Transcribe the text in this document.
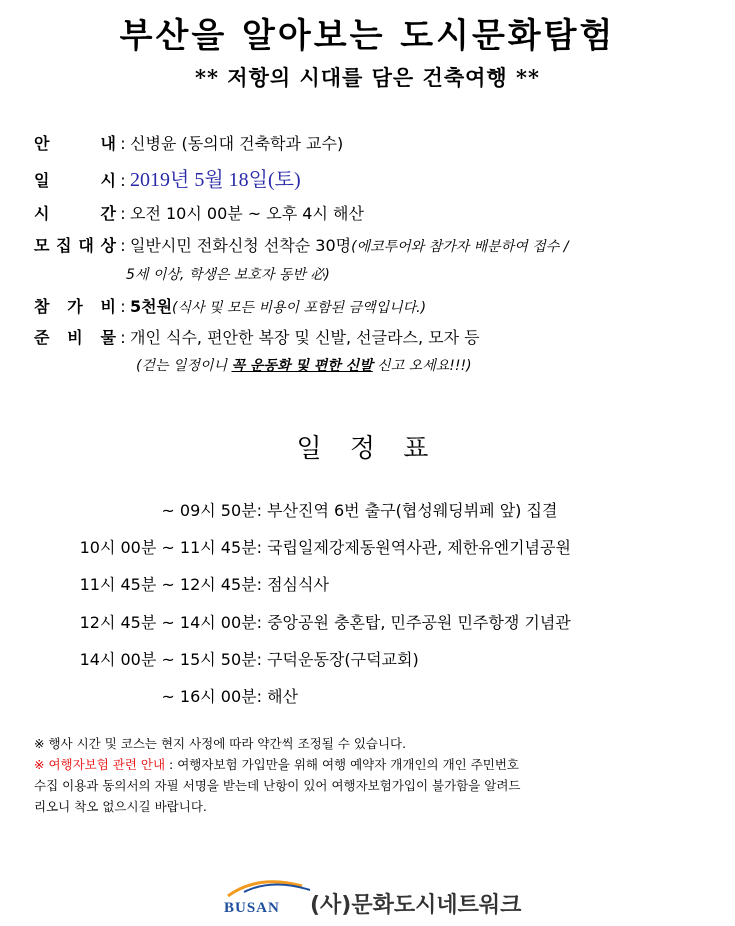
부산을 알아보는 도시문화탐험
** 저항의 시대를 담은 건축여행 **
안	내 : 신병윤 (동의대 건축학과 교수)
일	시 : 2019년 5월 18일(토)
시	간 : 오전 10시 00분 ~ 오후 4시 해산
모 집 대 상 : 일반시민 전화신청 선착순 30명 (에코투어와 참가자 배분하여 접수 /
5세 이상, 학생은 보호자 동반 必)
참 가 비 : 5천원 (식사 및 모든 비용이 포함된 금액입니다.)
준 비 물 : 개인 식수, 편안한 복장 및 신발, 선글라스, 모자 등
(걷는 일정이니 꼭 운동화 및 편한 신발 신고 오세요!!!)
일 정 표
~ 09시 50분: 부산진역 6번 출구(협성웨딩뷔페 앞) 집결
10시 00분 ~ 11시 45분: 국립일제강제동원역사관, 제한유엔기념공원
11시 45분 ~ 12시 45분: 점심식사
12시 45분 ~ 14시 00분: 중앙공원 충혼탑, 민주공원 민주항쟁 기념관
14시 00분 ~ 15시 50분: 구덕운동장(구덕교회)
~ 16시 00분: 해산
※ 행사 시간 및 코스는 현지 사정에 따라 약간씩 조정될 수 있습니다.
※ 여행자보험 관련 안내 : 여행자보험 가입만을 위해 여행 예약자 개개인의 개인 주민번호
수집 이용과 동의서의 자필 서명을 받는데 난항이 있어 여행자보험가입이 불가함을 알려드
리오니 착오 없으시길 바랍니다.
BUSAN (사)문화도시네트워크
